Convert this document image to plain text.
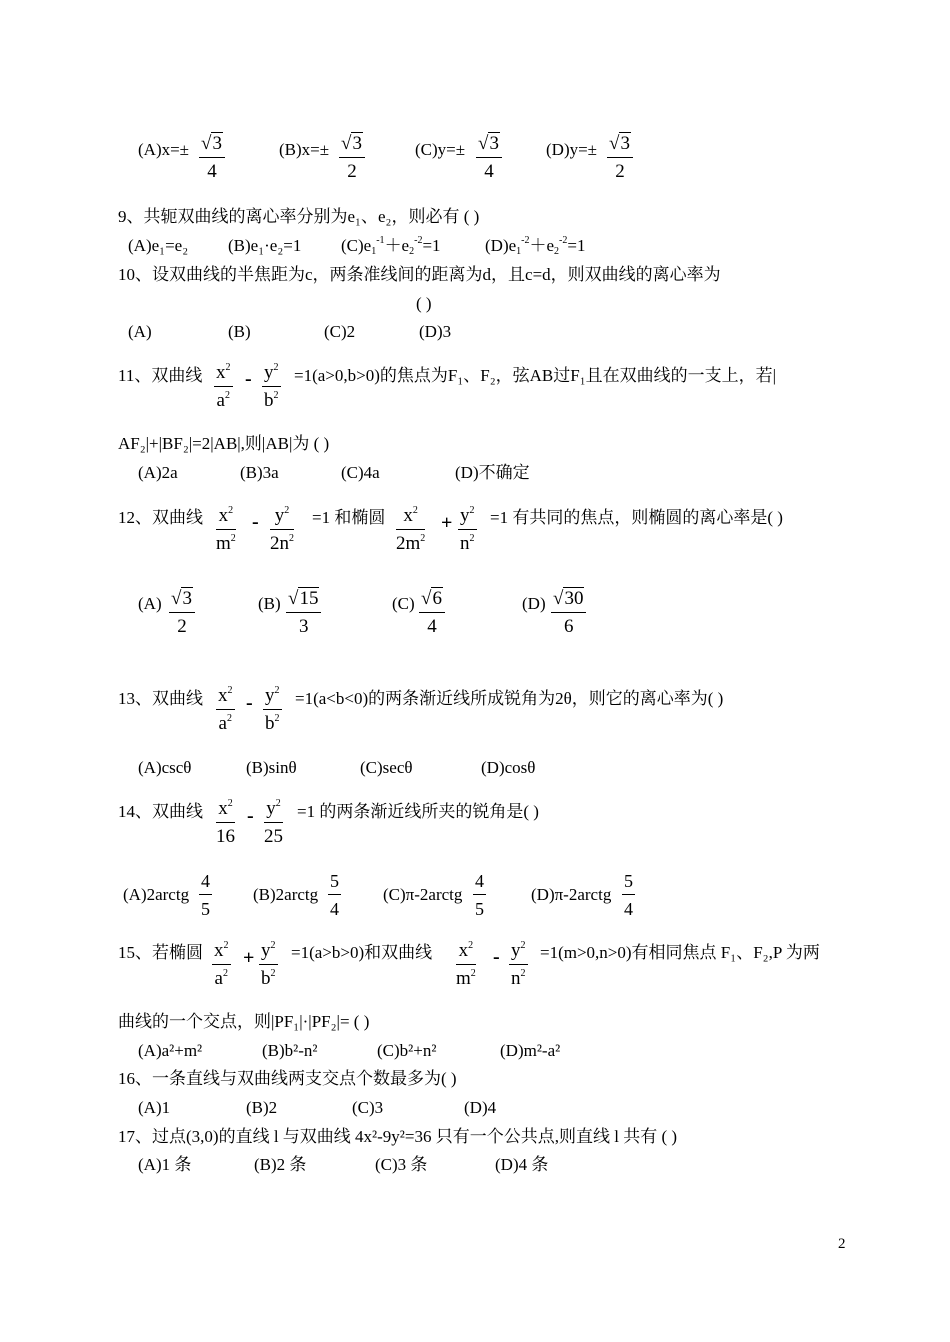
(A)x=± √3
4
(B)x=± √3
2
(C)y=± √3
4
(D)y=± √3
2
9、共轭双曲线的离心率分别为e₁、e₂，则必有 ( )
(A)e₁=e₂ (B)e₁·e₂=1 $(C)e_1^{-1}+e_2^{-2}=1$	$(D)e_1^{-2}+e_2^{-2}=1$
10、设双曲线的半焦距为c，两条准线间的距离为d，且c=d，则双曲线的离心率为
( )
(A)	(B)	(C)2	(D)3
11、双曲线 $x^2$
$a^2$
- $y^2$
$b^2$
=1(a>0,b>0)的焦点为F₁、F₂，弦AB过F₁且在双曲线的一支上，若|
AF₂|+|BF₂|=2|AB|,则|AB|为 ( )
(A)2a	(B)3a	(C)4a	(D)不确定
12、双曲线 $x^2$
$m^2$
- $y^2$
$2n^2$
=1 和椭圆 $x^2$
$2m^2$
+ $y^2$
$n^2$
=1 有共同的焦点，则椭圆的离心率是( )
(A) √3
2
(B) √15
3
(C) √6
4
(D) √30
6
13、双曲线 $x^2$
$a^2$
- $y^2$
$b^2$
=1(a<b<0)的两条渐近线所成锐角为2θ，则它的离心率为( )
(A)cscθ	(B)sinθ	(C)secθ	(D)cosθ
14、双曲线 $x^2$
16
- $y^2$
25
=1 的两条渐近线所夹的锐角是( )
(A)2arctg
4
5
(B)2arctg
5
4
(C)π-2arctg
4
5
(D)π-2arctg
5
4
15、若椭圆 $x^2$
$a^2$
+ $y^2$
$b^2$
=1(a>b>0)和双曲线 $x^2$
$m^2$
- $y^2$
$n^2$
=1(m>0,n>0)有相同焦点 F₁、F₂,P 为两
曲线的一个交点，则|PF₁|·|PF₂|= ( )
(A)a²+m²	(B)b²-n²	(C)b²+n²	(D)m²-a²
16、一条直线与双曲线两支交点个数最多为( )
(A)1	(B)2	(C)3	(D)4
17、过点(3,0)的直线 l 与双曲线 4x²-9y²=36 只有一个公共点,则直线 l 共有 ( )
(A)1 条	(B)2 条	(C)3 条	(D)4 条
2
